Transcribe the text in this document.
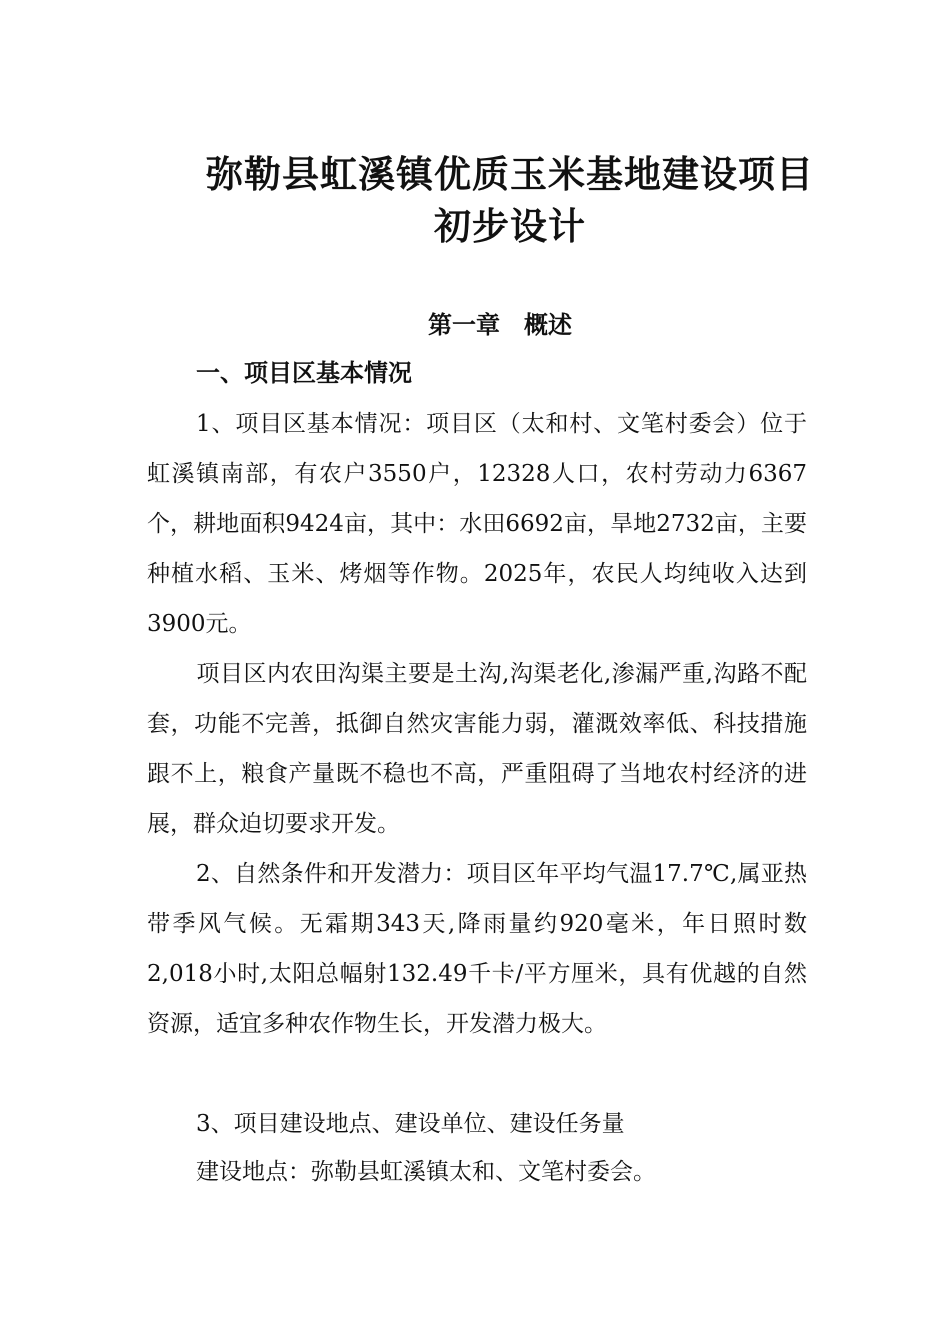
弥勒县虹溪镇优质玉米基地建设项目
初步设计
第一章　概述
一、项目区基本情况

1、项目区基本情况：项目区（太和村、文笔村委会）位于虹溪镇南部，有农户3550户，12328人口，农村劳动力6367个，耕地面积9424亩，其中：水田6692亩，旱地2732亩，主要种植水稻、玉米、烤烟等作物。2025年，农民人均纯收入达到3900元。

项目区内农田沟渠主要是土沟,沟渠老化,渗漏严重,沟路不配套，功能不完善，抵御自然灾害能力弱，灌溉效率低、科技措施跟不上，粮食产量既不稳也不高，严重阻碍了当地农村经济的进展，群众迫切要求开发。

2、自然条件和开发潜力：项目区年平均气温17.7℃,属亚热带季风气候。无霜期343天,降雨量约920毫米，年日照时数2,018小时,太阳总幅射132.49千卡/平方厘米，具有优越的自然资源，适宜多种农作物生长，开发潜力极大。

3、项目建设地点、建设单位、建设任务量

建设地点：弥勒县虹溪镇太和、文笔村委会。
